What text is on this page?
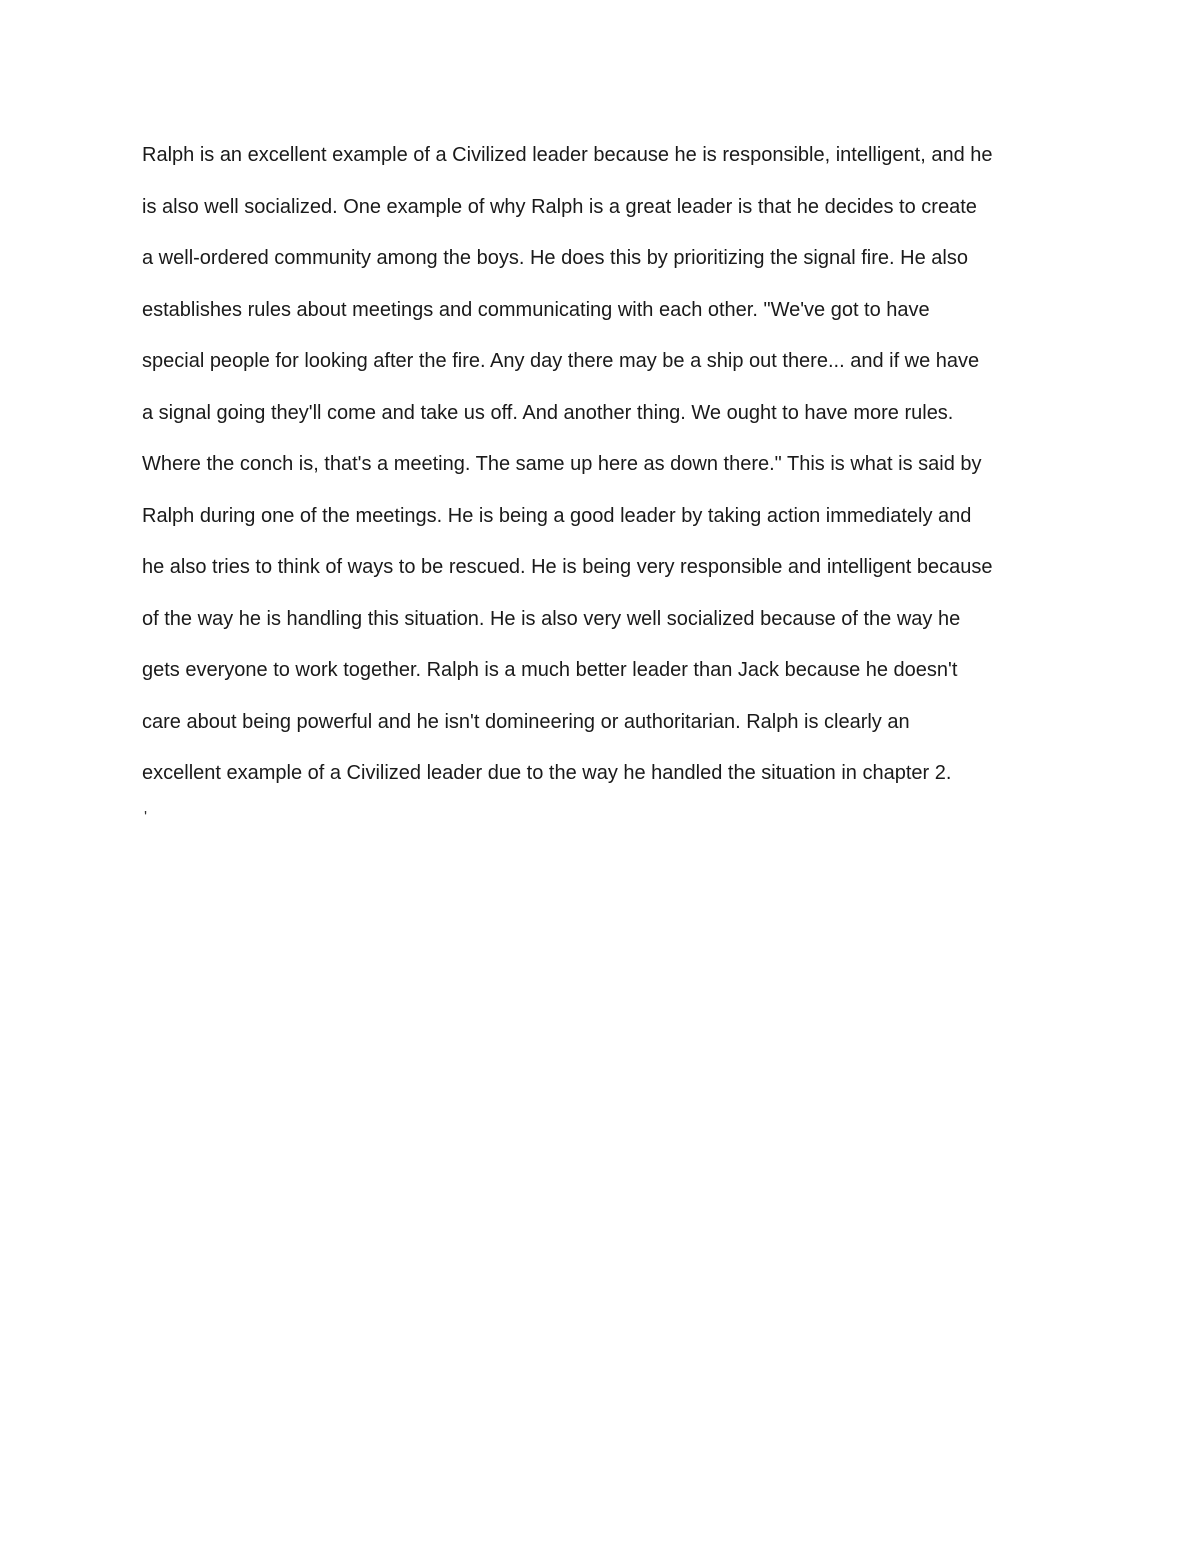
Ralph is an excellent example of a Civilized leader because he is responsible, intelligent, and he
is also well socialized. One example of why Ralph is a great leader is that he decides to create
a well-ordered community among the boys. He does this by prioritizing the signal fire. He also
establishes rules about meetings and communicating with each other. "We've got to have
special people for looking after the fire. Any day there may be a ship out there... and if we have
a signal going they'll come and take us off. And another thing. We ought to have more rules.
Where the conch is, that's a meeting. The same up here as down there." This is what is said by
Ralph during one of the meetings. He is being a good leader by taking action immediately and
he also tries to think of ways to be rescued. He is being very responsible and intelligent because
of the way he is handling this situation. He is also very well socialized because of the way he
gets everyone to work together. Ralph is a much better leader than Jack because he doesn't
care about being powerful and he isn't domineering or authoritarian. Ralph is clearly an
excellent example of a Civilized leader due to the way he handled the situation in chapter 2.
'
